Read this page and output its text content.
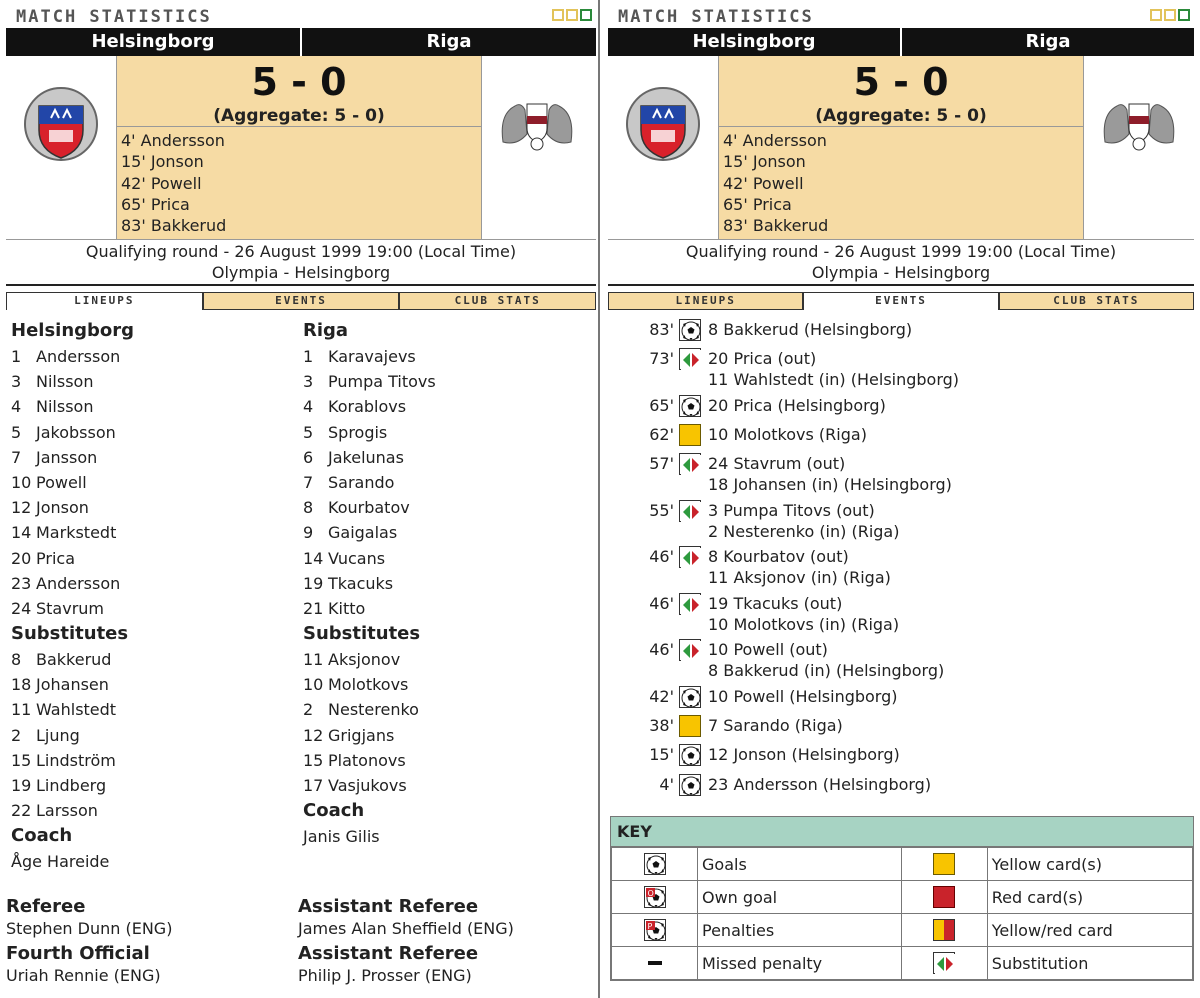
MATCH STATISTICS
Helsingborg	Riga
5 - 0
(Aggregate: 5 - 0)
4' Andersson
15' Jonson
42' Powell
65' Prica
83' Bakkerud
Qualifying round - 26 August 1999 19:00 (Local Time)
Olympia - Helsingborg
LINEUPS	EVENTS	CLUB STATS
Helsingborg
1 Andersson
3 Nilsson
4 Nilsson
5 Jakobsson
7 Jansson
10 Powell
12 Jonson
14 Markstedt
20 Prica
23 Andersson
24 Stavrum
Substitutes
8 Bakkerud
18 Johansen
11 Wahlstedt
2 Ljung
15 Lindström
19 Lindberg
22 Larsson
Coach
Åge Hareide
Riga
1 Karavajevs
3 Pumpa Titovs
4 Korablovs
5 Sprogis
6 Jakelunas
7 Sarando
8 Kourbatov
9 Gaigalas
14 Vucans
19 Tkacuks
21 Kitto
Substitutes
11 Aksjonov
10 Molotkovs
2 Nesterenko
12 Grigjans
15 Platonovs
17 Vasjukovs
Coach
Janis Gilis
Referee
Stephen Dunn (ENG)
Assistant Referee
James Alan Sheffield (ENG)
Fourth Official
Uriah Rennie (ENG)
Assistant Referee
Philip J. Prosser (ENG)
MATCH STATISTICS
Helsingborg	Riga
5 - 0
(Aggregate: 5 - 0)
4' Andersson
15' Jonson
42' Powell
65' Prica
83' Bakkerud
Qualifying round - 26 August 1999 19:00 (Local Time)
Olympia - Helsingborg
LINEUPS	EVENTS	CLUB STATS
83' 8 Bakkerud (Helsingborg)
73' 20 Prica (out)
11 Wahlstedt (in) (Helsingborg)
65' 20 Prica (Helsingborg)
62' 10 Molotkovs (Riga)
57' 24 Stavrum (out)
18 Johansen (in) (Helsingborg)
55' 3 Pumpa Titovs (out)
2 Nesterenko (in) (Riga)
46' 8 Kourbatov (out)
11 Aksjonov (in) (Riga)
46' 19 Tkacuks (out)
10 Molotkovs (in) (Riga)
46' 10 Powell (out)
8 Bakkerud (in) (Helsingborg)
42' 10 Powell (Helsingborg)
38' 7 Sarando (Riga)
15' 12 Jonson (Helsingborg)
4' 23 Andersson (Helsingborg)
KEY
	Goals		Yellow card(s)

O	Own goal		Red card(s)

P	Penalties		Yellow/red card
	Missed penalty		Substitution
